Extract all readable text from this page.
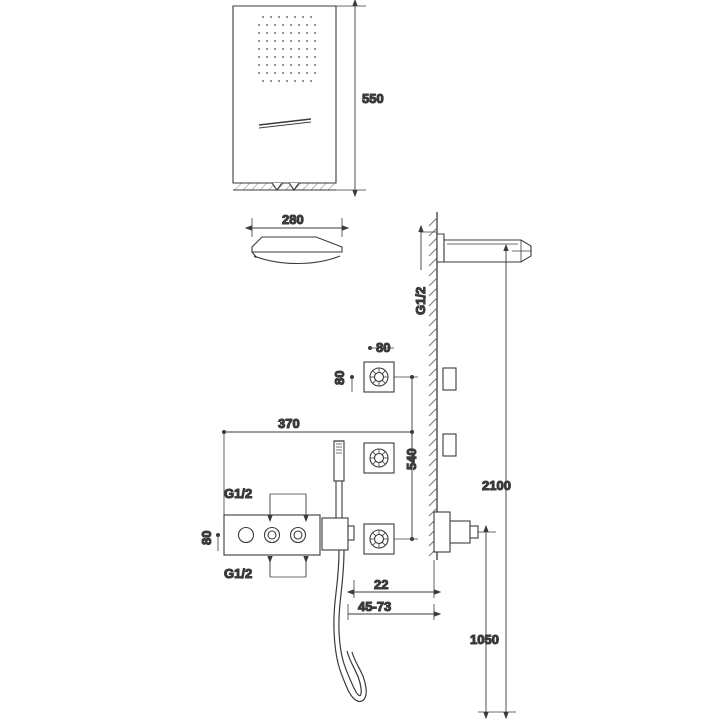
550
280
G1/2
80
80
540
370
G1/2
G1/2
80
22
45-73
2100
1050
